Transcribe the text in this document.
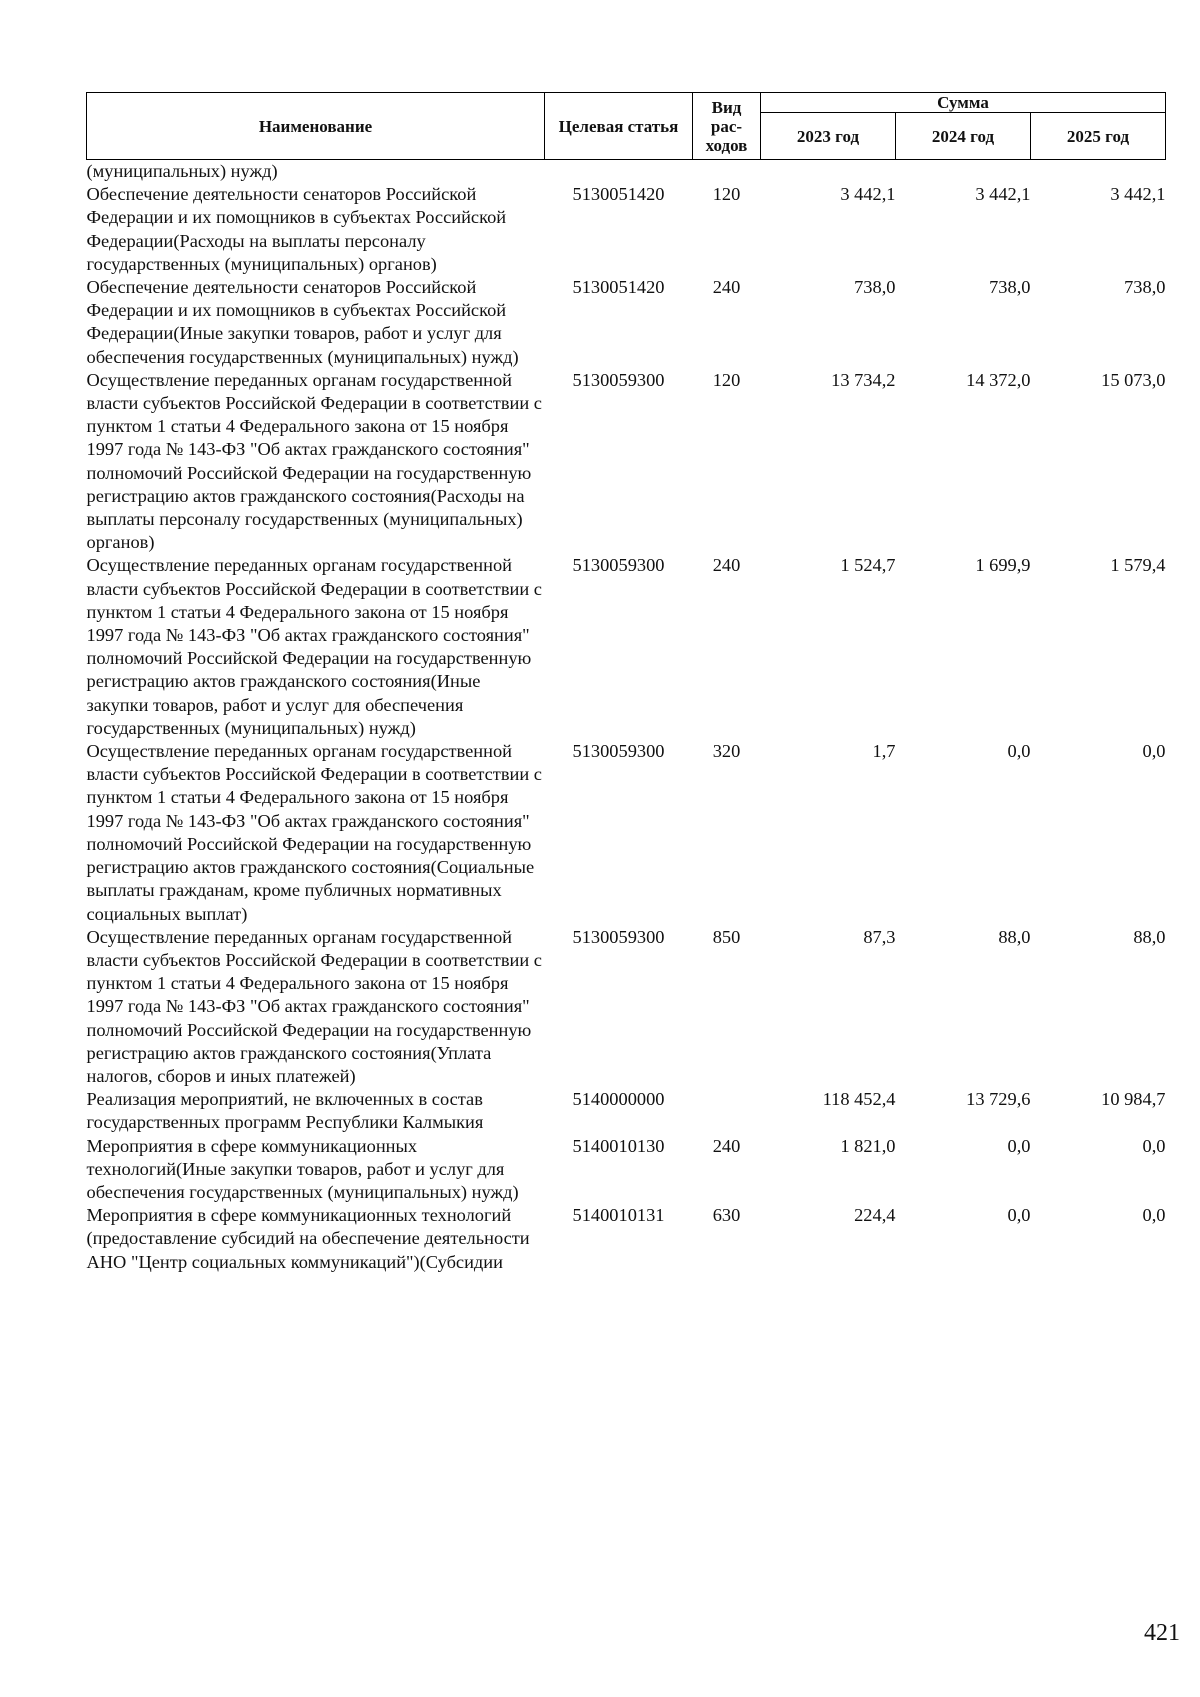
Наименование	Целевая статья	Вид рас-ходов	Сумма		
			2023 год	2024 год	2025 год
(муниципальных) нужд)					
Обеспечение деятельности сенаторов Российской Федерации и их помощников в субъектах Российской Федерации(Расходы на выплаты персоналу государственных (муниципальных) органов)	5130051420	120	3 442,1	3 442,1	3 442,1
Обеспечение деятельности сенаторов Российской Федерации и их помощников в субъектах Российской Федерации(Иные закупки товаров, работ и услуг для обеспечения государственных (муниципальных) нужд)	5130051420	240	738,0	738,0	738,0
Осуществление переданных органам государственной власти субъектов Российской Федерации в соответствии с пунктом 1 статьи 4 Федерального закона от 15 ноября 1997 года № 143-ФЗ "Об актах гражданского состояния" полномочий Российской Федерации на государственную регистрацию актов гражданского состояния(Расходы на выплаты персоналу государственных (муниципальных) органов)	5130059300	120	13 734,2	14 372,0	15 073,0
Осуществление переданных органам государственной власти субъектов Российской Федерации в соответствии с пунктом 1 статьи 4 Федерального закона от 15 ноября 1997 года № 143-ФЗ "Об актах гражданского состояния" полномочий Российской Федерации на государственную регистрацию актов гражданского состояния(Иные закупки товаров, работ и услуг для обеспечения государственных (муниципальных) нужд)	5130059300	240	1 524,7	1 699,9	1 579,4
Осуществление переданных органам государственной власти субъектов Российской Федерации в соответствии с пунктом 1 статьи 4 Федерального закона от 15 ноября 1997 года № 143-ФЗ "Об актах гражданского состояния" полномочий Российской Федерации на государственную регистрацию актов гражданского состояния(Социальные выплаты гражданам, кроме публичных нормативных социальных выплат)	5130059300	320	1,7	0,0	0,0
Осуществление переданных органам государственной власти субъектов Российской Федерации в соответствии с пунктом 1 статьи 4 Федерального закона от 15 ноября 1997 года № 143-ФЗ "Об актах гражданского состояния" полномочий Российской Федерации на государственную регистрацию актов гражданского состояния(Уплата налогов, сборов и иных платежей)	5130059300	850	87,3	88,0	88,0
Реализация мероприятий, не включенных в состав государственных программ Республики Калмыкия	5140000000		118 452,4	13 729,6	10 984,7
Мероприятия в сфере коммуникационных технологий(Иные закупки товаров, работ и услуг для обеспечения государственных (муниципальных) нужд)	5140010130	240	1 821,0	0,0	0,0
Мероприятия в сфере коммуникационных технологий (предоставление субсидий на обеспечение деятельности АНО "Центр социальных коммуникаций")(Субсидии	5140010131	630	224,4	0,0	0,0
421
